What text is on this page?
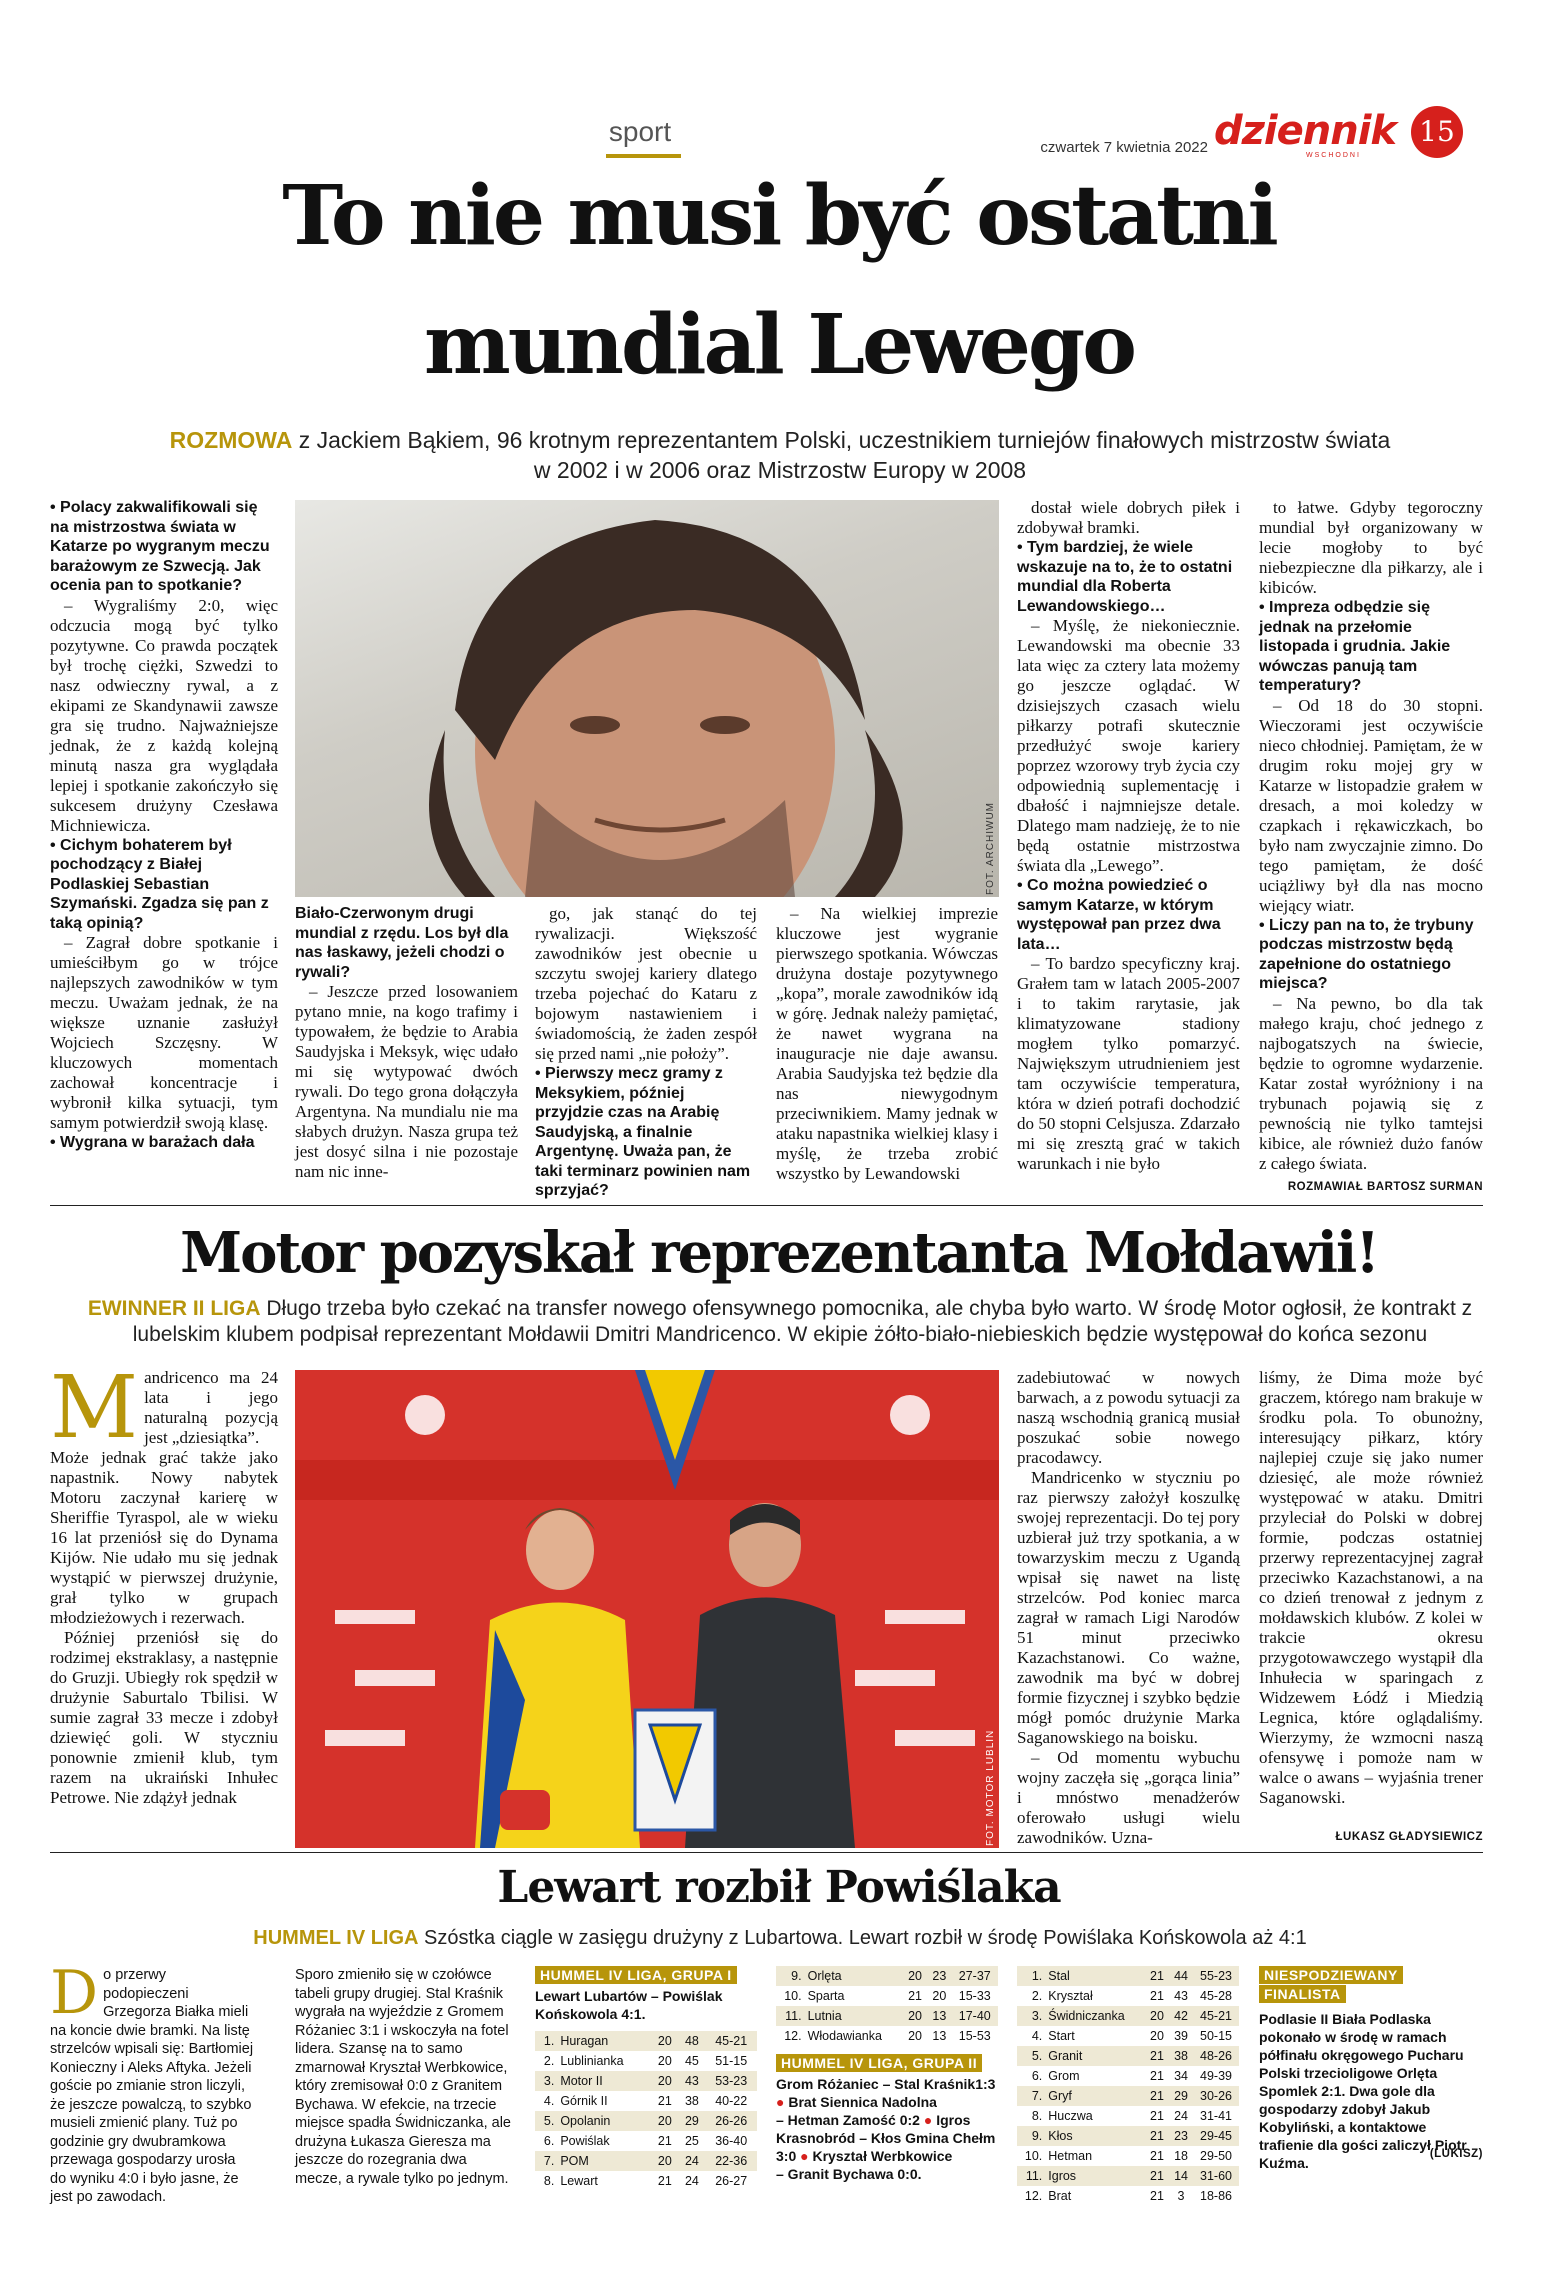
sport
czwartek 7 kwietnia 2022 dziennik
WSCHODNI
15
To nie musi być ostatni
mundial Lewego
ROZMOWA z Jackiem Bąkiem, 96 krotnym reprezentantem Polski, uczestnikiem turniejów finałowych mistrzostw świata
w 2002 i w 2006 oraz Mistrzostw Europy w 2008
FOT. ARCHIWUM

• Polacy zakwalifikowali się na mistrzostwa świata w Katarze po wygranym meczu barażowym ze Szwecją. Jak ocenia pan to spotkanie?

– Wygraliśmy 2:0, więc odczucia mogą być tylko pozytywne. Co prawda początek był trochę ciężki, Szwedzi to nasz odwieczny rywal, a z ekipami ze Skandynawii zawsze gra się trudno. Najważniejsze jednak, że z każdą kolejną minutą nasza gra wyglądała lepiej i spotkanie zakończyło się sukcesem drużyny Czesława Michniewicza.

• Cichym bohaterem był pochodzący z Białej Podlaskiej Sebastian Szymański. Zgadza się pan z taką opinią?

– Zagrał dobre spotkanie i umieściłbym go w trójce najlepszych zawodników w tym meczu. Uważam jednak, że na większe uznanie zasłużył Wojciech Szczęsny. W kluczowych momentach zachował koncentracje i wybronił kilka sytuacji, tym samym potwierdził swoją klasę.

• Wygrana w barażach dała

Biało-Czerwonym drugi mundial z rzędu. Los był dla nas łaskawy, jeżeli chodzi o rywali?

– Jeszcze przed losowaniem pytano mnie, na kogo trafimy i typowałem, że będzie to Arabia Saudyjska i Meksyk, więc udało mi się wytypować dwóch rywali. Do tego grona dołączyła Argentyna. Na mundialu nie ma słabych drużyn. Nasza grupa też jest dosyć silna i nie pozostaje nam nic inne-

go, jak stanąć do tej rywalizacji. Większość zawodników jest obecnie u szczytu swojej kariery dlatego trzeba pojechać do Kataru z bojowym nastawieniem i świadomością, że żaden zespół się przed nami „nie położy”.

• Pierwszy mecz gramy z Meksykiem, później przyjdzie czas na Arabię Saudyjską, a finalnie Argentynę. Uważa pan, że taki terminarz powinien nam sprzyjać?

– Na wielkiej imprezie kluczowe jest wygranie pierwszego spotkania. Wówczas drużyna dostaje pozytywnego „kopa”, morale zawodników idą w górę. Jednak należy pamiętać, że nawet wygrana na inauguracje nie daje awansu. Arabia Saudyjska też będzie dla nas niewygodnym przeciwnikiem. Mamy jednak w ataku napastnika wielkiej klasy i myślę, że trzeba zrobić wszystko by Lewandowski

dostał wiele dobrych piłek i zdobywał bramki.

• Tym bardziej, że wiele wskazuje na to, że to ostatni mundial dla Roberta Lewandowskiego…

– Myślę, że niekoniecznie. Lewandowski ma obecnie 33 lata więc za cztery lata możemy go jeszcze oglądać. W dzisiejszych czasach wielu piłkarzy potrafi skutecznie przedłużyć swoje kariery poprzez wzorowy tryb życia czy odpowiednią suplementację i dbałość i najmniejsze detale. Dlatego mam nadzieję, że to nie będą ostatnie mistrzostwa świata dla „Lewego”.

• Co można powiedzieć o samym Katarze, w którym występował pan przez dwa lata…

– To bardzo specyficzny kraj. Grałem tam w latach 2005-2007 i to takim rarytasie, jak klimatyzowane stadiony mogłem tylko pomarzyć. Największym utrudnieniem jest tam oczywiście temperatura, która w dzień potrafi dochodzić do 50 stopni Celsjusza. Zdarzało mi się zresztą grać w takich warunkach i nie było

to łatwe. Gdyby tegoroczny mundial był organizowany w lecie mogłoby to być niebezpieczne dla piłkarzy, ale i kibiców.

• Impreza odbędzie się jednak na przełomie listopada i grudnia. Jakie wówczas panują tam temperatury?

– Od 18 do 30 stopni. Wieczorami jest oczywiście nieco chłodniej. Pamiętam, że w drugim roku mojej gry w Katarze w listopadzie grałem w dresach, a moi koledzy w czapkach i rękawiczkach, bo było nam zwyczajnie zimno. Do tego pamiętam, że dość uciążliwy był dla nas mocno wiejący wiatr.

• Liczy pan na to, że trybuny podczas mistrzostw będą zapełnione do ostatniego miejsca?

– Na pewno, bo dla tak małego kraju, choć jednego z najbogatszych na świecie, będzie to ogromne wydarzenie. Katar został wyróżniony i na trybunach pojawią się z pewnością nie tylko tamtejsi kibice, ale również dużo fanów z całego świata.

ROZMAWIAŁ BARTOSZ SURMAN
Motor pozyskał reprezentanta Mołdawii!
EWINNER II LIGA Długo trzeba było czekać na transfer nowego ofensywnego pomocnika, ale chyba było warto. W środę Motor ogłosił, że kontrakt z
lubelskim klubem podpisał reprezentant Mołdawii Dmitri Mandricenco. W ekipie żółto-biało-niebieskich będzie występował do końca sezonu
FOT. MOTOR LUBLIN
M andricenco ma 24 lata i jego naturalną pozycją jest „dziesiątka”.

Może jednak grać także jako napastnik. Nowy nabytek Motoru zaczynał karierę w Sheriffie Tyraspol, ale w wieku 16 lat przeniósł się do Dynama Kijów. Nie udało mu się jednak wystąpić w pierwszej drużynie, grał tylko w grupach młodzieżowych i rezerwach.

Później przeniósł się do rodzimej ekstraklasy, a następnie do Gruzji. Ubiegły rok spędził w drużynie Saburtalo Tbilisi. W sumie zagrał 33 mecze i zdobył dziewięć goli. W styczniu ponownie zmienił klub, tym razem na ukraiński Inhułec Petrowe. Nie zdążył jednak

zadebiutować w nowych barwach, a z powodu sytuacji za naszą wschodnią granicą musiał poszukać sobie nowego pracodawcy.

Mandricenko w styczniu po raz pierwszy założył koszulkę swojej reprezentacji. Do tej pory uzbierał już trzy spotkania, a w towarzyskim meczu z Ugandą wpisał się nawet na listę strzelców. Pod koniec marca zagrał w ramach Ligi Narodów 51 minut przeciwko Kazachstanowi. Co ważne, zawodnik ma być w dobrej formie fizycznej i szybko będzie mógł pomóc drużynie Marka Saganowskiego na boisku.

– Od momentu wybuchu wojny zaczęła się „gorąca linia” i mnóstwo menadżerów oferowało usługi wielu zawodników. Uzna-

liśmy, że Dima może być graczem, którego nam brakuje w środku pola. To obunożny, interesujący piłkarz, który najlepiej czuje się jako numer dziesięć, ale może również występować w ataku. Dmitri przyleciał do Polski w dobrej formie, podczas ostatniej przerwy reprezentacyjnej zagrał przeciwko Kazachstanowi, a na co dzień trenował z jednym z mołdawskich klubów. Z kolei w trakcie okresu przygotowawczego wystąpił dla Inhułecia w sparingach z Widzewem Łódź i Miedzią Legnica, które oglądaliśmy. Wierzymy, że wzmocni naszą ofensywę i pomoże nam w walce o awans – wyjaśnia trener Saganowski.

ŁUKASZ GŁADYSIEWICZ
Lewart rozbił Powiślaka
HUMMEL IV LIGA Szóstka ciągle w zasięgu drużyny z Lubartowa. Lewart rozbił w środę Powiślaka Końskowola aż 4:1
D o przerwy podopieczeni Grzegorza Białka mieli na koncie dwie bramki. Na listę strzelców wpisali się: Bartłomiej Konieczny i Aleks Aftyka. Jeżeli goście po zmianie stron liczyli, że jeszcze powalczą, to szybko musieli zmienić plany. Tuż po godzinie gry dwubramkowa przewaga gospodarzy urosła do wyniku 4:0 i było jasne, że jest po zawodach.
Sporo zmieniło się w czołówce tabeli grupy drugiej. Stal Kraśnik wygrała na wyjeździe z Gromem Różaniec 3:1 i wskoczyła na fotel lidera. Szansę na to samo zmarnował Kryształ Werbkowice, który zremisował 0:0 z Granitem Bychawa. W efekcie, na trzecie miejsce spadła Świdniczanka, ale drużyna Łukasza Gieresza ma jeszcze do rozegrania dwa mecze, a rywale tylko po jednym.
HUMMEL IV LIGA, GRUPA I
Lewart Lubartów – Powiślak Końskowola 4:1.
1.	Huragan	20	48	45-21
2.	Lublinianka	20	45	51-15
3.	Motor II	20	43	53-23
4.	Górnik II	21	38	40-22
5.	Opolanin	20	29	26-26
6.	Powiślak	21	25	36-40
7.	POM	20	24	22-36
8.	Lewart	21	24	26-27
9.	Orlęta	20	23	27-37
10.	Sparta	21	20	15-33
11.	Lutnia	20	13	17-40
12.	Włodawianka	20	13	15-53
HUMMEL IV LIGA, GRUPA II
Grom Różaniec – Stal Kraśnik1:3 ● Brat Siennica Nadolna
– Hetman Zamość 0:2 ● Igros
Krasnobród – Kłos Gmina Chełm
3:0 ● Kryształ Werbkowice
– Granit Bychawa 0:0.
1.	Stal	21	44	55-23
2.	Kryształ	21	43	45-28
3.	Świdniczanka	20	42	45-21
4.	Start	20	39	50-15
5.	Granit	21	38	48-26
6.	Grom	21	34	49-39
7.	Gryf	21	29	30-26
8.	Huczwa	21	24	31-41
9.	Kłos	21	23	29-45
10.	Hetman	21	18	29-50
11.	Igros	21	14	31-60
12.	Brat	21	3	18-86
NIESPODZIEWANY
FINALISTA
Podlasie II Biała Podlaska pokonało w środę w ramach półfinału okręgowego Pucharu Polski trzecioligowe Orlęta Spomlek 2:1. Dwa gole dla gospodarzy zdobył Jakub Kobyliński, a kontaktowe trafienie dla gości zaliczył Piotr Kuźma.
(LUKISZ)
